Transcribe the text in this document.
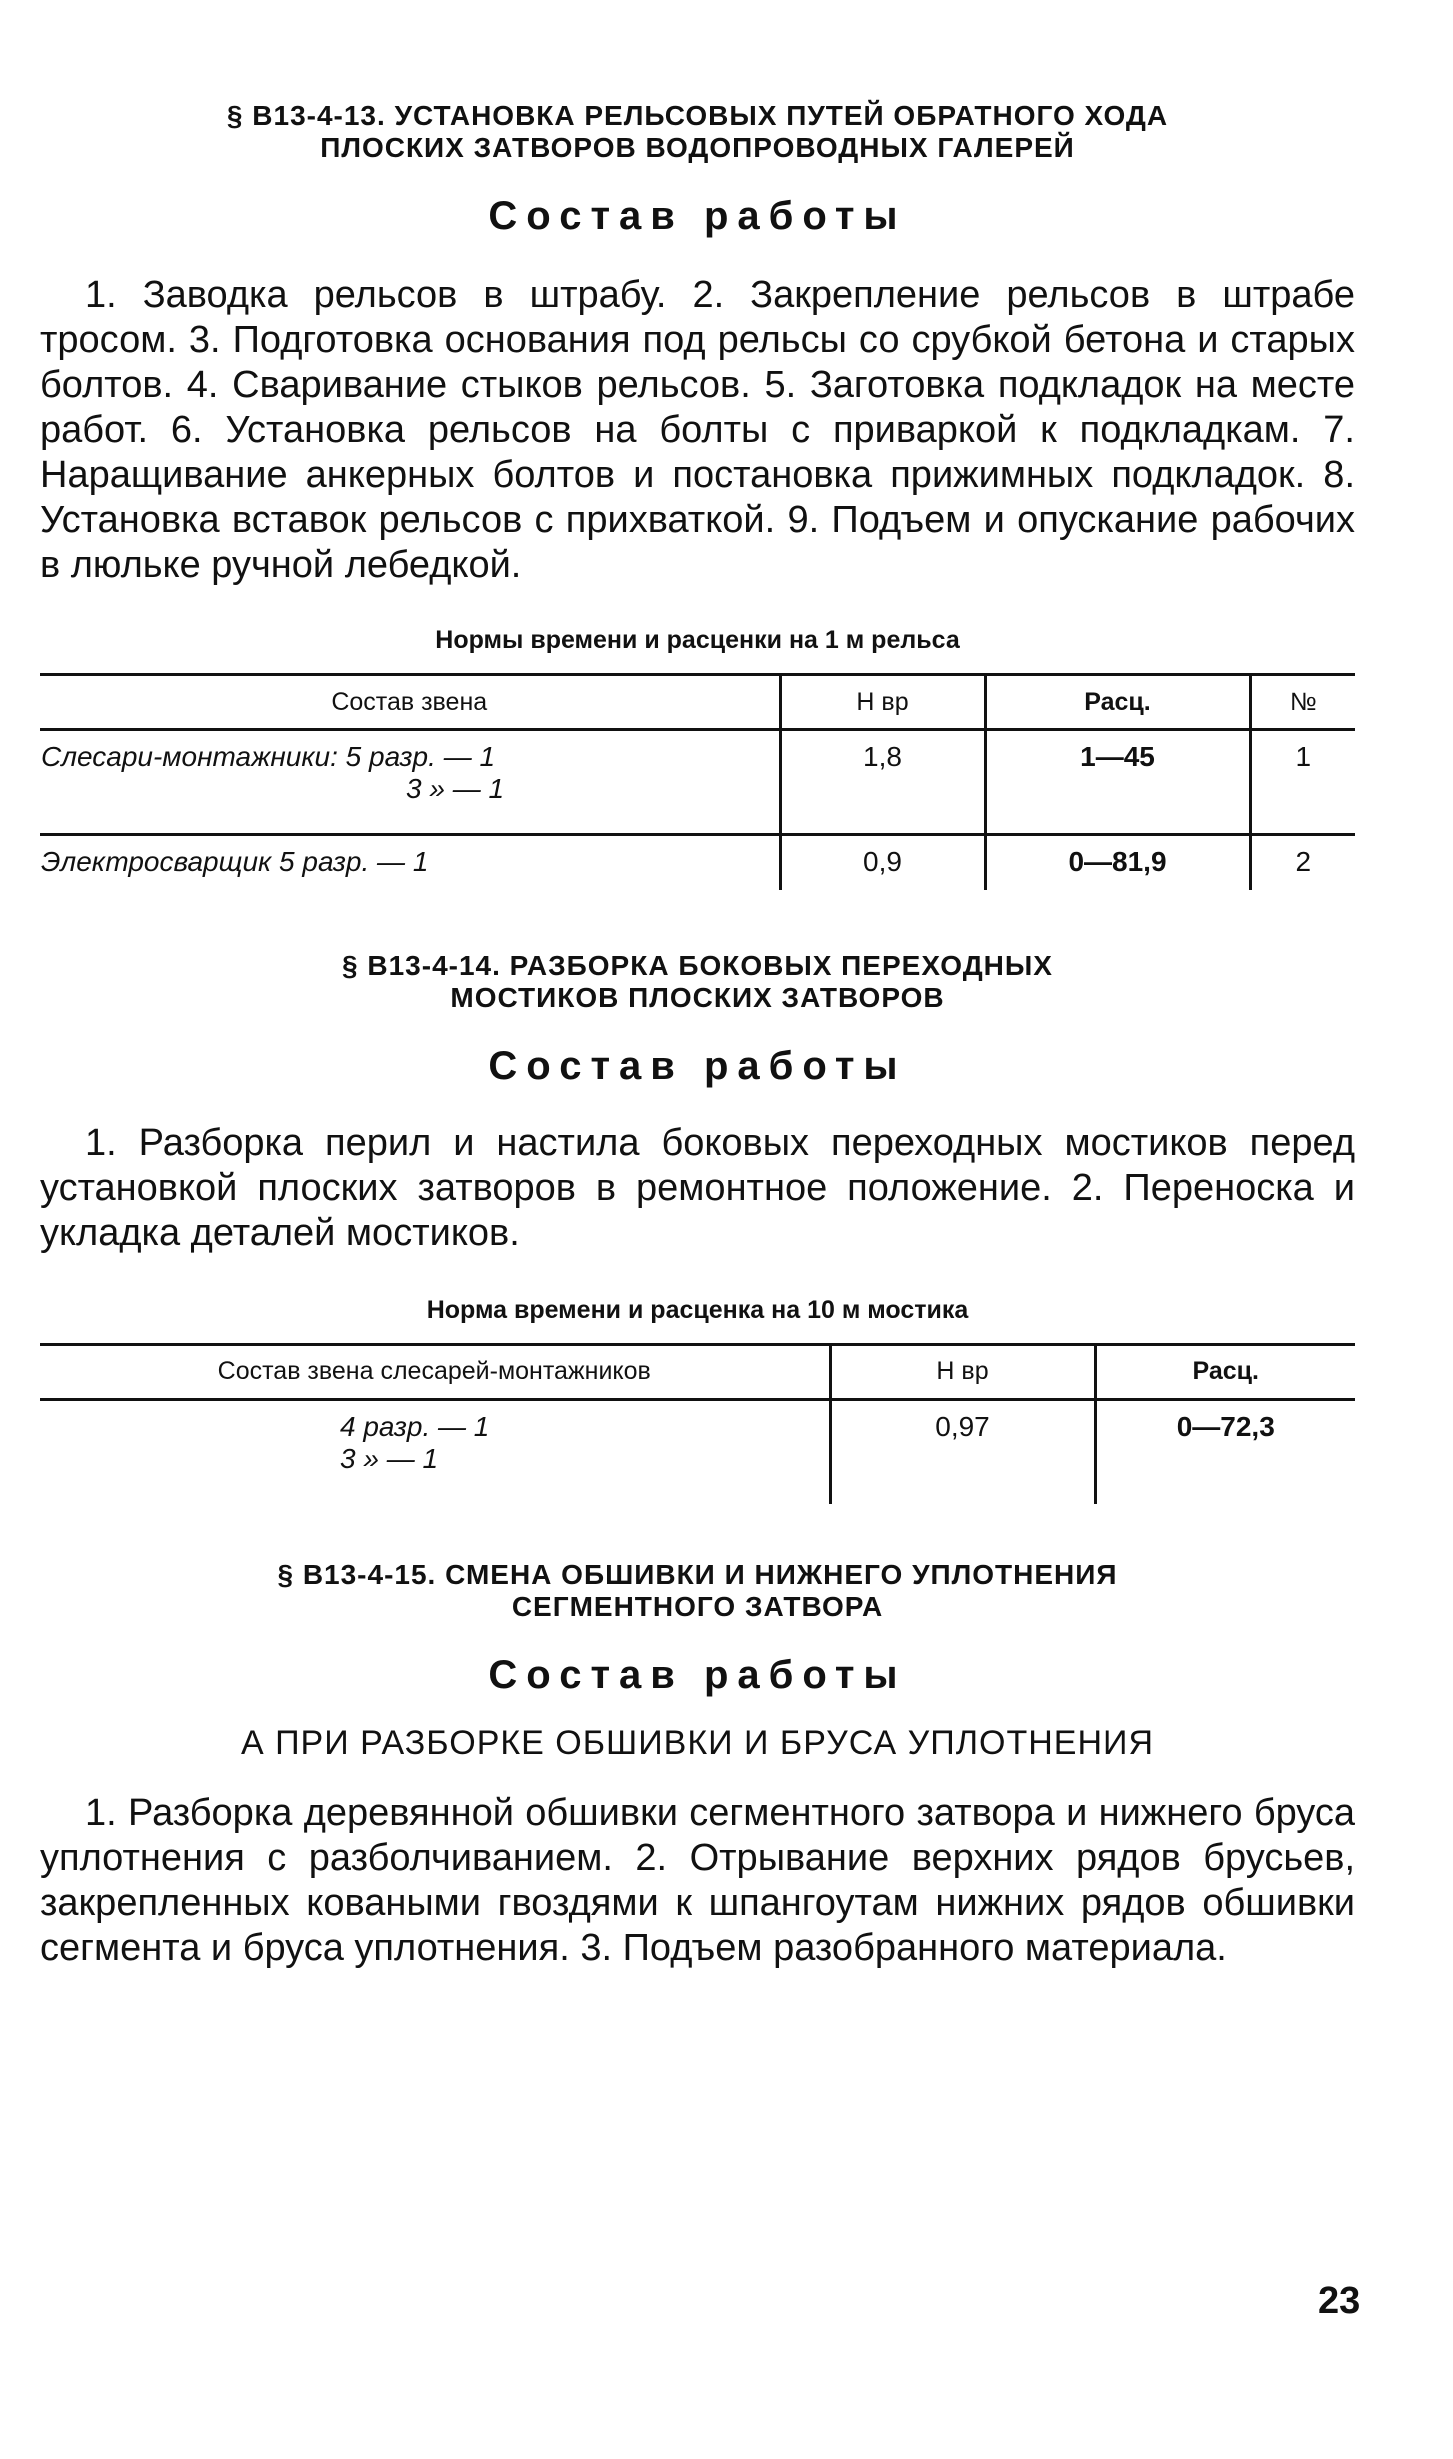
§ В13-4-13. УСТАНОВКА РЕЛЬСОВЫХ ПУТЕЙ ОБРАТНОГО ХОДА

ПЛОСКИХ ЗАТВОРОВ ВОДОПРОВОДНЫХ ГАЛЕРЕЙ

Состав работы

1. Заводка рельсов в штрабу. 2. Закрепление рельсов в штрабе тросом. 3. Подготовка основания под рельсы со срубкой бетона и старых болтов. 4. Сваривание стыков рельсов. 5. Заготовка подкладок на месте работ. 6. Установка рельсов на болты с приваркой к подкладкам. 7. Наращивание анкерных болтов и постановка прижимных подкладок. 8. Установка вставок рельсов с прихваткой. 9. Подъем и опускание рабочих в люльке ручной лебедкой.

Нормы времени и расценки на 1 м рельса

Состав звена	Н вр	Расц.	№
Слесари-монтажники: 5 разр. — 1
3 » — 1	1,8	1—45	1
Электросварщик 5 разр. — 1	0,9	0—81,9	2

§ В13-4-14. РАЗБОРКА БОКОВЫХ ПЕРЕХОДНЫХ

МОСТИКОВ ПЛОСКИХ ЗАТВОРОВ

Состав работы

1. Разборка перил и настила боковых переходных мостиков перед установкой плоских затворов в ремонтное положение. 2. Переноска и укладка деталей мостиков.

Норма времени и расценка на 10 м мостика

Состав звена слесарей-монтажников	Н вр	Расц.
4 разр. — 1
3 » — 1	0,97	0—72,3

§ В13-4-15. СМЕНА ОБШИВКИ И НИЖНЕГО УПЛОТНЕНИЯ

СЕГМЕНТНОГО ЗАТВОРА

Состав работы

А ПРИ РАЗБОРКЕ ОБШИВКИ И БРУСА УПЛОТНЕНИЯ

1. Разборка деревянной обшивки сегментного затвора и нижнего бруса уплотнения с разболчиванием. 2. Отрывание верхних рядов брусьев, закрепленных коваными гвоздями к шпангоутам нижних рядов обшивки сегмента и бруса уплотнения. 3. Подъем разобранного материала.

23
